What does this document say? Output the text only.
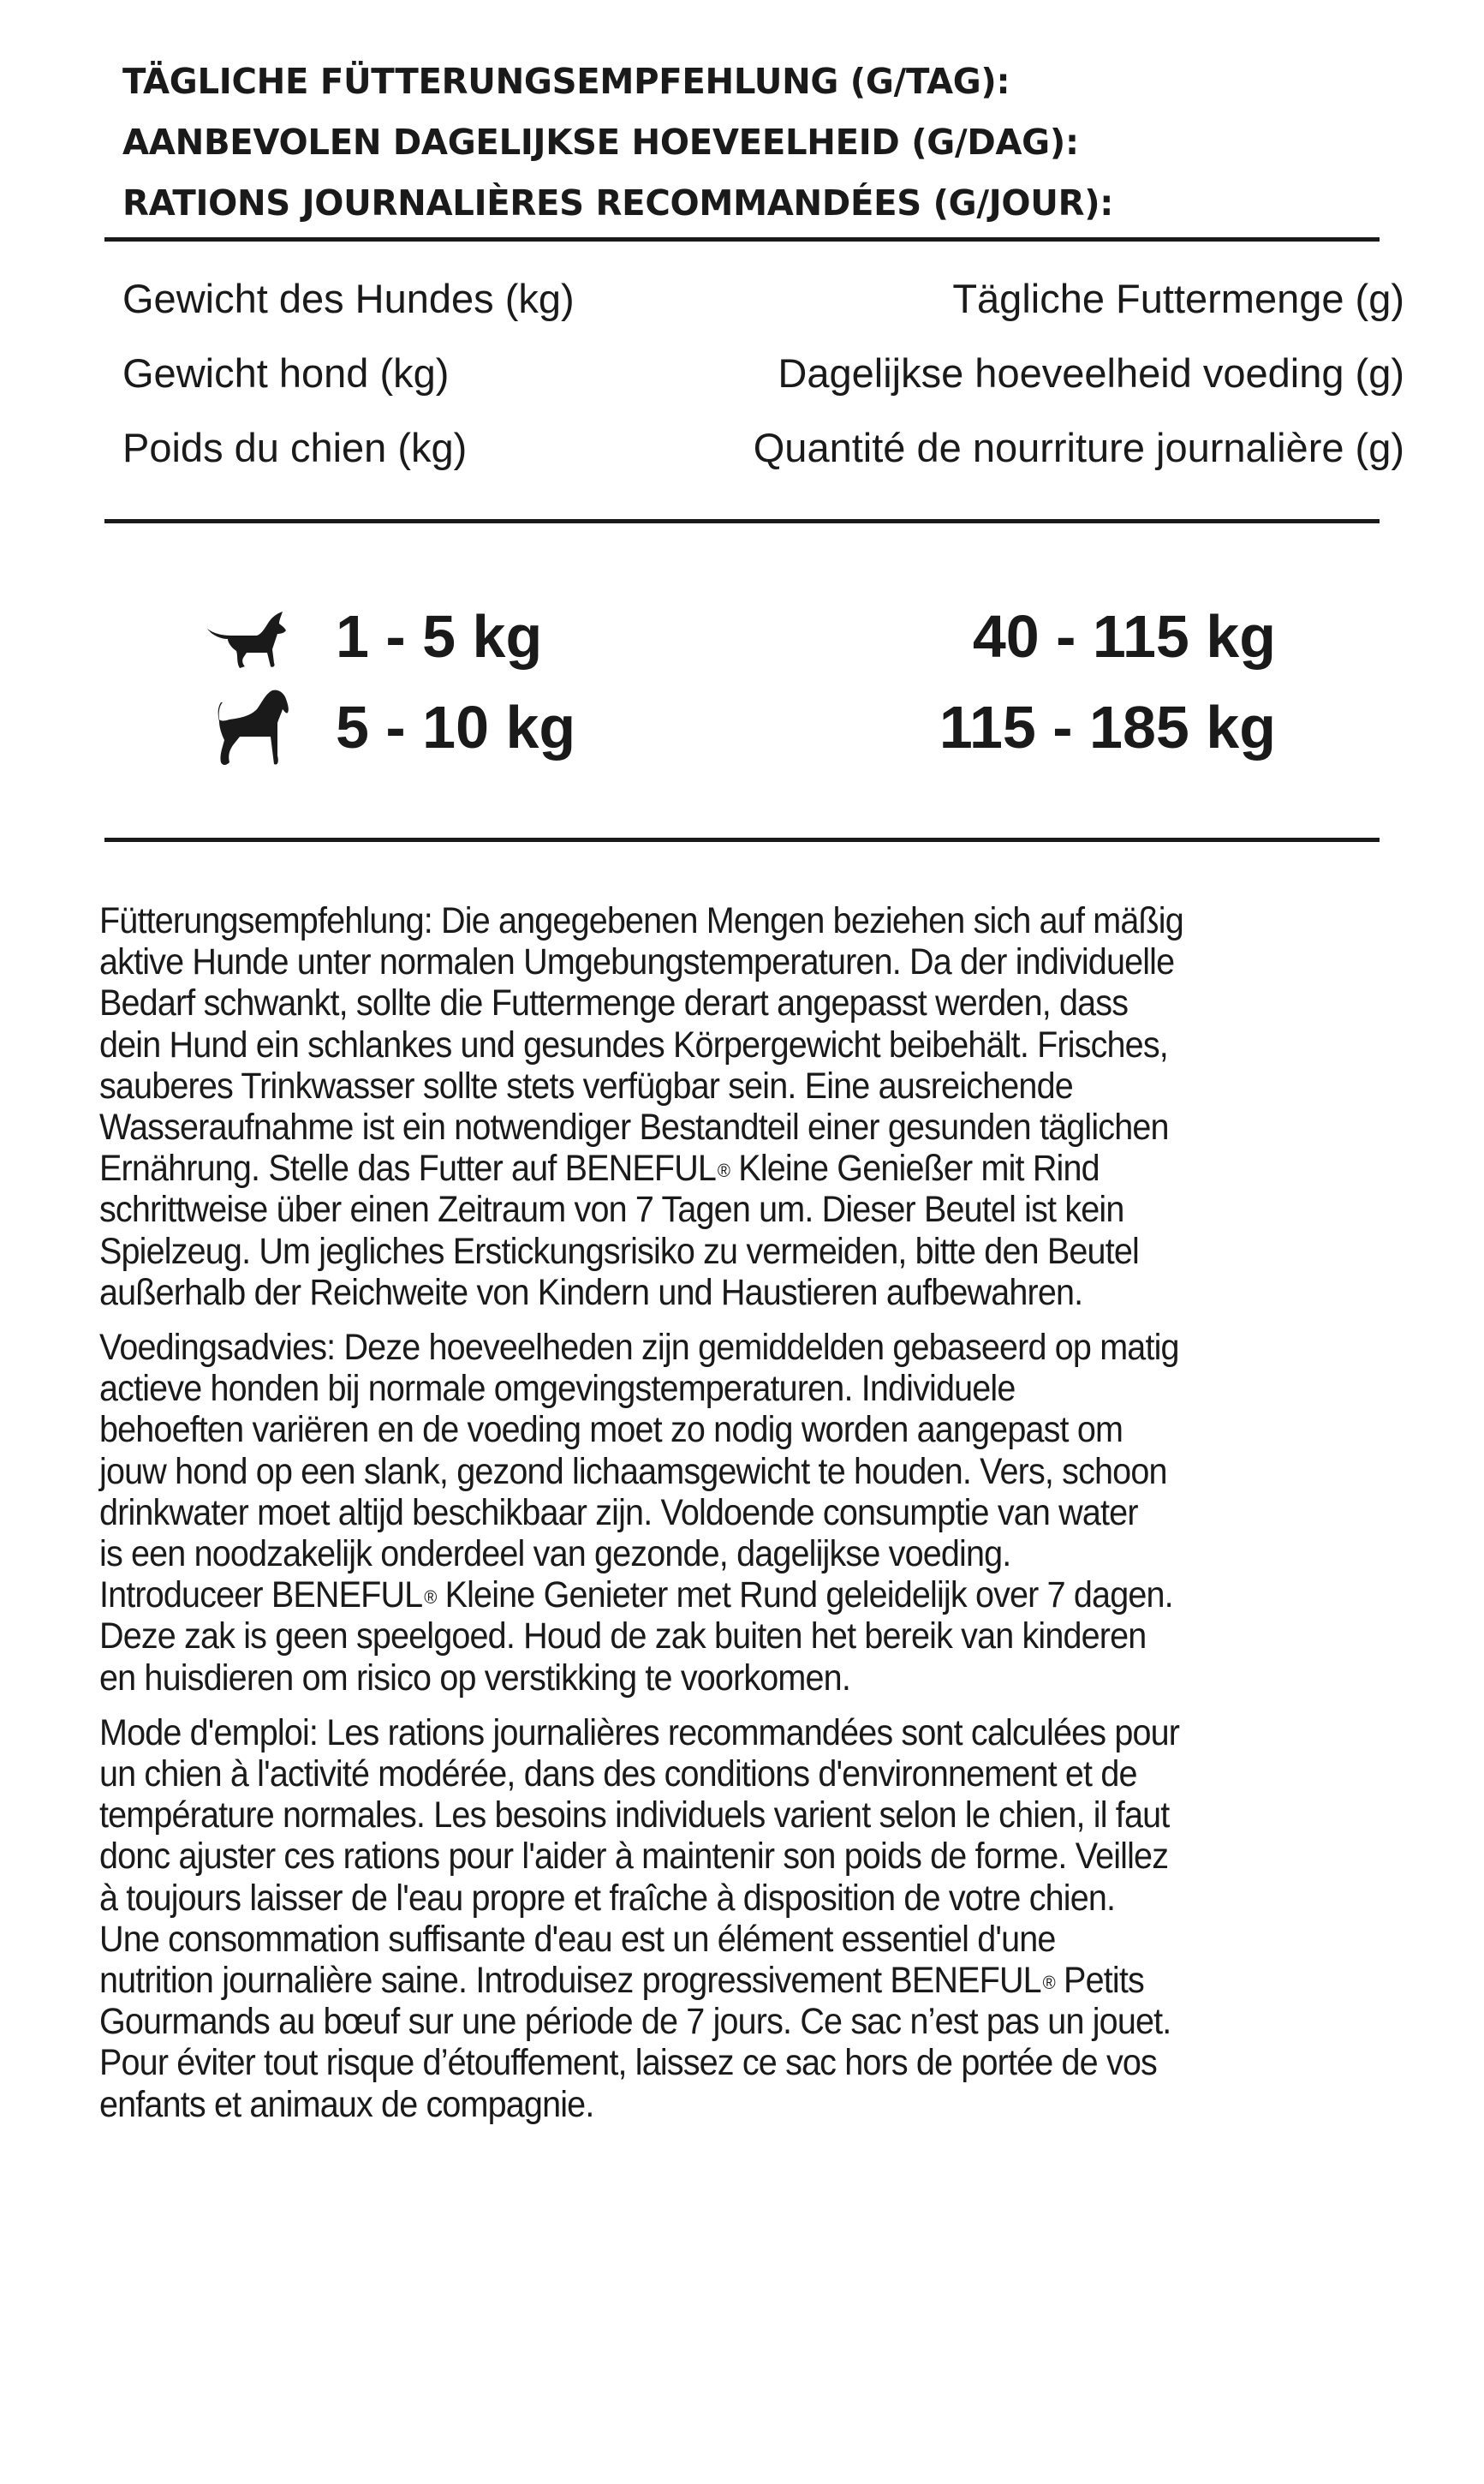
TÄGLICHE FÜTTERUNGSEMPFEHLUNG (G/TAG):
AANBEVOLEN DAGELIJKSE HOEVEELHEID (G/DAG):
RATIONS JOURNALIÈRES RECOMMANDÉES (G/JOUR):
Gewicht des Hundes (kg)	Tägliche Futtermenge (g)
Gewicht hond (kg)	Dagelijkse hoeveelheid voeding (g)
Poids du chien (kg)	Quantité de nourriture journalière (g)
1 - 5 kg	40 - 115 kg
5 - 10 kg	115 - 185 kg
Fütterungsempfehlung: Die angegebenen Mengen beziehen sich auf mäßig
aktive Hunde unter normalen Umgebungstemperaturen. Da der individuelle
Bedarf schwankt, sollte die Futtermenge derart angepasst werden, dass
dein Hund ein schlankes und gesundes Körpergewicht beibehält. Frisches,
sauberes Trinkwasser sollte stets verfügbar sein. Eine ausreichende
Wasseraufnahme ist ein notwendiger Bestandteil einer gesunden täglichen
Ernährung. Stelle das Futter auf BENEFUL® Kleine Genießer mit Rind
schrittweise über einen Zeitraum von 7 Tagen um. Dieser Beutel ist kein
Spielzeug. Um jegliches Erstickungsrisiko zu vermeiden, bitte den Beutel
außerhalb der Reichweite von Kindern und Haustieren aufbewahren.
Voedingsadvies: Deze hoeveelheden zijn gemiddelden gebaseerd op matig
actieve honden bij normale omgevingstemperaturen. Individuele
behoeften variëren en de voeding moet zo nodig worden aangepast om
jouw hond op een slank, gezond lichaamsgewicht te houden. Vers, schoon
drinkwater moet altijd beschikbaar zijn. Voldoende consumptie van water
is een noodzakelijk onderdeel van gezonde, dagelijkse voeding.
Introduceer BENEFUL® Kleine Genieter met Rund geleidelijk over 7 dagen.
Deze zak is geen speelgoed. Houd de zak buiten het bereik van kinderen
en huisdieren om risico op verstikking te voorkomen.
Mode d'emploi: Les rations journalières recommandées sont calculées pour
un chien à l'activité modérée, dans des conditions d'environnement et de
température normales. Les besoins individuels varient selon le chien, il faut
donc ajuster ces rations pour l'aider à maintenir son poids de forme. Veillez
à toujours laisser de l'eau propre et fraîche à disposition de votre chien.
Une consommation suffisante d'eau est un élément essentiel d'une
nutrition journalière saine. Introduisez progressivement BENEFUL® Petits
Gourmands au bœuf sur une période de 7 jours. Ce sac n’est pas un jouet.
Pour éviter tout risque d’étouffement, laissez ce sac hors de portée de vos
enfants et animaux de compagnie.
